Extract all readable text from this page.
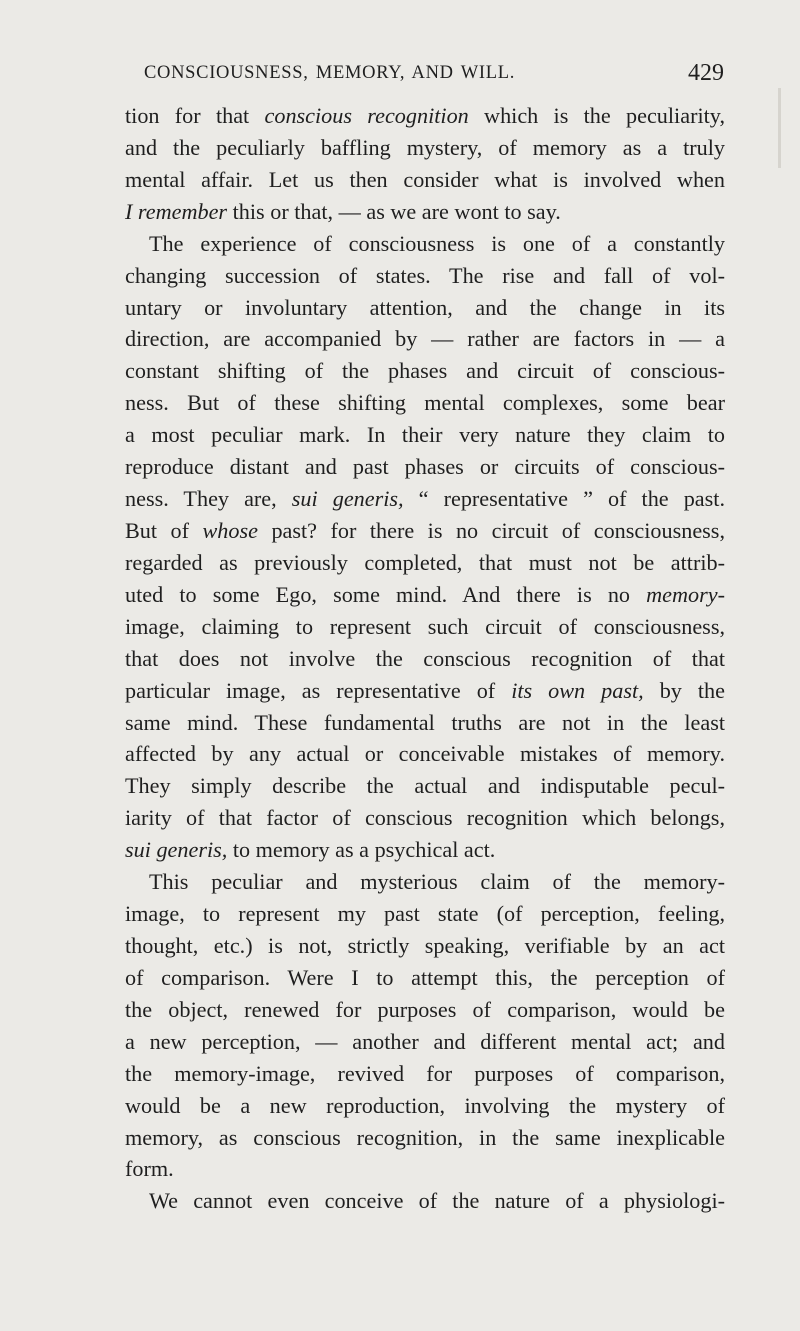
CONSCIOUSNESS, MEMORY, AND WILL.	429
tion for that conscious recognition which is the peculiarity,
and the peculiarly baffling mystery, of memory as a truly
mental affair. Let us then consider what is involved when
I remember this or that, — as we are wont to say.
The experience of consciousness is one of a constantly
changing succession of states. The rise and fall of vol-
untary or involuntary attention, and the change in its
direction, are accompanied by — rather are factors in — a
constant shifting of the phases and circuit of conscious-
ness. But of these shifting mental complexes, some bear
a most peculiar mark. In their very nature they claim to
reproduce distant and past phases or circuits of conscious-
ness. They are, sui generis, “ representative ” of the past.
But of whose past? for there is no circuit of consciousness,
regarded as previously completed, that must not be attrib-
uted to some Ego, some mind. And there is no memory-
image, claiming to represent such circuit of consciousness,
that does not involve the conscious recognition of that
particular image, as representative of its own past, by the
same mind. These fundamental truths are not in the least
affected by any actual or conceivable mistakes of memory.
They simply describe the actual and indisputable pecul-
iarity of that factor of conscious recognition which belongs,
sui generis, to memory as a psychical act.
This peculiar and mysterious claim of the memory-
image, to represent my past state (of perception, feeling,
thought, etc.) is not, strictly speaking, verifiable by an act
of comparison. Were I to attempt this, the perception of
the object, renewed for purposes of comparison, would be
a new perception, — another and different mental act; and
the memory-image, revived for purposes of comparison,
would be a new reproduction, involving the mystery of
memory, as conscious recognition, in the same inexplicable
form.
We cannot even conceive of the nature of a physiologi-
